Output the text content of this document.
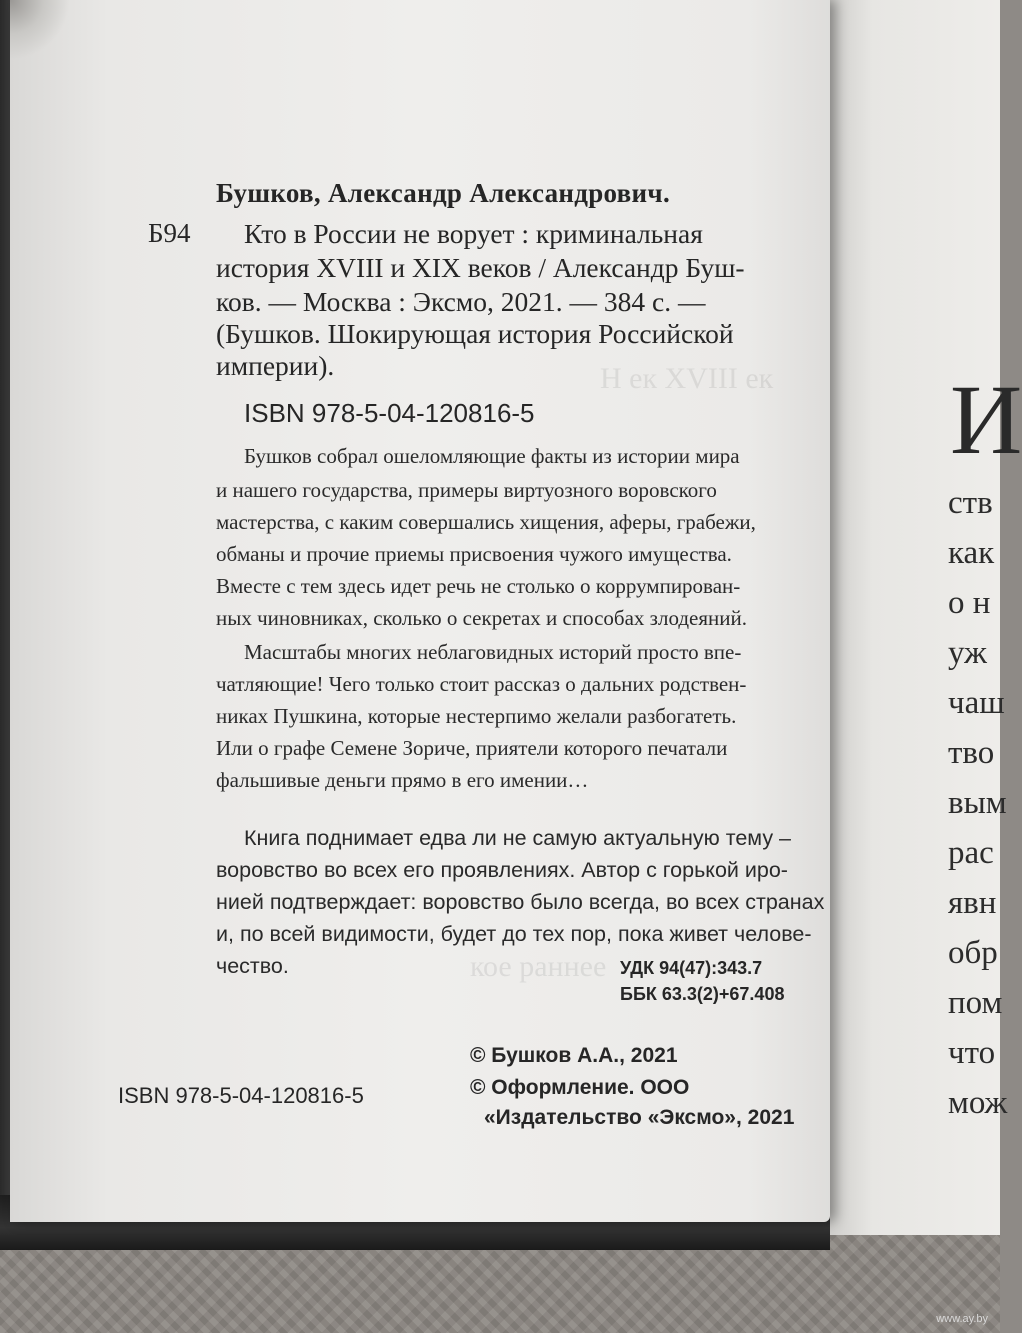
И
ств
как
о н
уж
чаш
тво
вым
рас
явн
обр
пом
что
мож
Н ек XVIII ек
кое раннее
Бушков, Александр Александрович.
Б94 Кто в России не ворует : криминальная
история XVIII и XIX веков / Александр Буш-
ков. — Москва : Эксмо, 2021. — 384 с. —
(Бушков. Шокирующая история Российской
империи).
ISBN 978-5-04-120816-5
Бушков собрал ошеломляющие факты из истории мира
и нашего государства, примеры виртуозного воровского
мастерства, с каким совершались хищения, аферы, грабежи,
обманы и прочие приемы присвоения чужого имущества.
Вместе с тем здесь идет речь не столько о коррумпирован-
ных чиновниках, сколько о секретах и способах злодеяний.
Масштабы многих неблаговидных историй просто впе-
чатляющие! Чего только стоит рассказ о дальних родствен-
никах Пушкина, которые нестерпимо желали разбогатеть.
Или о графе Семене Зориче, приятели которого печатали
фальшивые деньги прямо в его имении…
Книга поднимает едва ли не самую актуальную тему –
воровство во всех его проявлениях. Автор с горькой иро-
нией подтверждает: воровство было всегда, во всех странах
и, по всей видимости, будет до тех пор, пока живет челове-
чество.	УДК 94(47):343.7
ББК 63.3(2)+67.408
ISBN 978-5-04-120816-5
© Бушков А.А., 2021
© Оформление. ООО
«Издательство «Эксмо», 2021
www.ay.by
